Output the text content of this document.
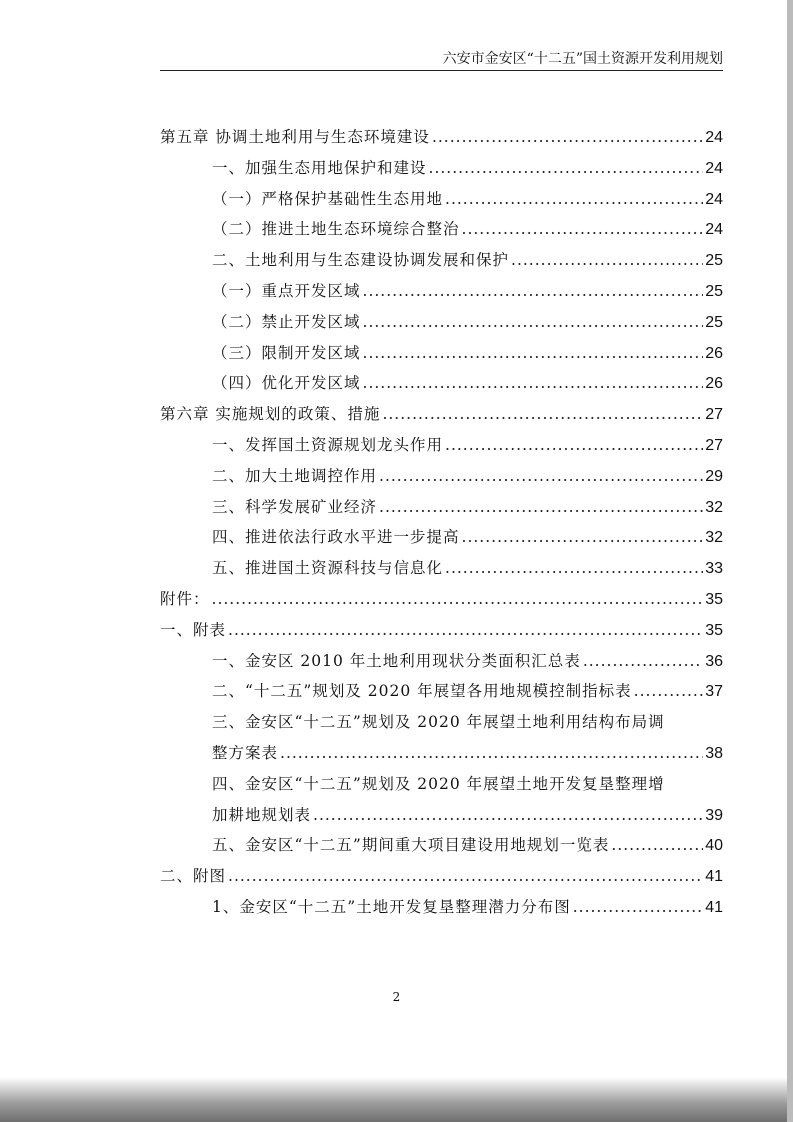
六安市金安区“十二五”国土资源开发利用规划
第五章 协调土地利用与生态环境建设 .....	24
一、加强生态用地保护和建设 .....	24
（一）严格保护基础性生态用地 .....	24
（二）推进土地生态环境综合整治 .....	24
二、土地利用与生态建设协调发展和保护 .....	25
（一）重点开发区域 .....	25
（二）禁止开发区域 .....	25
（三）限制开发区域 .....	26
（四）优化开发区域 .....	26
第六章 实施规划的政策、措施 .....	27
一、发挥国土资源规划龙头作用 .....	27
二、加大土地调控作用 .....	29
三、科学发展矿业经济 .....	32
四、推进依法行政水平进一步提高 .....	32
五、推进国土资源科技与信息化 .....	33
附件： .....	35
一、附表 .....	35
一、金安区 2010 年土地利用现状分类面积汇总表 .....	36
二、“十二五”规划及 2020 年展望各用地规模控制指标表 .....	37
三、金安区“十二五”规划及 2020 年展望土地利用结构布局调
整方案表 .....	38
四、金安区“十二五”规划及 2020 年展望土地开发复垦整理增
加耕地规划表 .....	39
五、金安区“十二五”期间重大项目建设用地规划一览表 .....	40
二、附图 .....	41
1、金安区“十二五”土地开发复垦整理潜力分布图 .....	41
2
